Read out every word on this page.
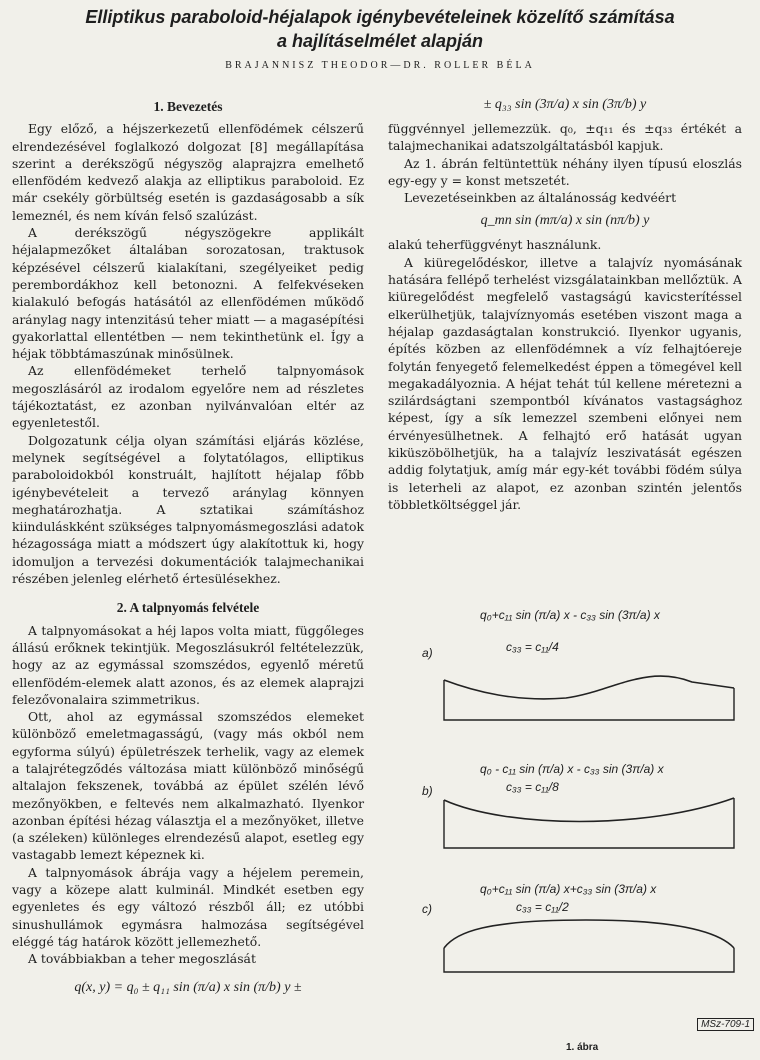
Elliptikus paraboloid-héjalapok igénybevételeinek közelítő számítása
a hajlításelmélet alapján
BRAJANNISZ THEODOR—DR. ROLLER BÉLA
1. Bevezetés

Egy előző, a héjszerkezetű ellenfödémek célszerű elrendezésével foglalkozó dolgozat [8] megállapítása szerint a derékszögű négyszög alaprajzra emelhető ellenfödém kedvező alakja az elliptikus paraboloid. Ez már csekély görbültség esetén is gazdaságosabb a sík lemeznél, és nem kíván felső szalúzást.

A derékszögű négyszögekre applikált héjalapmezőket általában sorozatosan, traktusok képzésével célszerű kialakítani, szegélyeiket pedig perembordákhoz kell betonozni. A felfekvéseken kialakuló befogás hatásától az ellenfödémen működő aránylag nagy intenzitású teher miatt — a magasépítési gyakorlattal ellentétben — nem tekinthetünk el. Így a héjak többtámaszúnak minősülnek.

Az ellenfödémeket terhelő talpnyomások megoszlásáról az irodalom egyelőre nem ad részletes tájékoztatást, ez azonban nyilvánvalóan eltér az egyenletestől.

Dolgozatunk célja olyan számítási eljárás közlése, melynek segítségével a folytatólagos, elliptikus paraboloidokból konstruált, hajlított héjalap főbb igénybevételeit a tervező aránylag könnyen meghatározhatja. A sztatikai számításhoz kiinduláskként szükséges talpnyomásmegoszlási adatok hézagossága miatt a módszert úgy alakítottuk ki, hogy idomuljon a tervezési dokumentációk talajmechanikai részében jelenleg elérhető értesülésekhez.

2. A talpnyomás felvétele

A talpnyomásokat a héj lapos volta miatt, függőleges állású erőknek tekintjük. Megoszlásukról feltételezzük, hogy az az egymással szomszédos, egyenlő méretű ellenfödém-elemek alatt azonos, és az elemek alaprajzi felezővonalaira szimmetrikus.

Ott, ahol az egymással szomszédos elemeket különböző emeletmagasságú, (vagy más okból nem egyforma súlyú) épületrészek terhelik, vagy az elemek a talajrétegződés változása miatt különböző minőségű altalajon fekszenek, továbbá az épület szélén lévő mezőnyökben, e feltevés nem alkalmazható. Ilyenkor azonban építési hézag választja el a mezőnyöket, illetve (a széleken) különleges elrendezésű alapot, esetleg egy vastagabb lemezt képeznek ki.

A talpnyomások ábrája vagy a héjelem peremein, vagy a közepe alatt kulminál. Mindkét esetben egy egyenletes és egy változó részből áll; ez utóbbi sinushullámok egymásra halmozása segítségével eléggé tág határok között jellemezhető.

A továbbiakban a teher megoszlását

q(x, y) = q₀ ± q₁₁ sin (π/a) x sin (π/b) y ±
± q₃₃ sin (3π/a) x sin (3π/b) y

függvénnyel jellemezzük. q₀, ±q₁₁ és ±q₃₃ értékét a talajmechanikai adatszolgáltatásból kapjuk.

Az 1. ábrán feltüntettük néhány ilyen típusú eloszlás egy-egy y = konst metszetét.

Levezetéseinkben az általánosság kedvéért

q_mn sin (mπ/a) x sin (nπ/b) y

alakú teherfüggvényt használunk.

A kiüregelődéskor, illetve a talajvíz nyomásának hatására fellépő terhelést vizsgálatainkban mellőztük. A kiüregelődést megfelelő vastagságú kavicsterítéssel elkerülhetjük, talajvíznyomás esetében viszont maga a héjalap gazdaságtalan konstrukció. Ilyenkor ugyanis, építés közben az ellenfödémnek a víz felhajtóereje folytán fenyegető felemelkedést éppen a tömegével kell megakadályoznia. A héjat tehát túl kellene méretezni a szilárdságtani szempontból kívánatos vastagsághoz képest, így a sík lemezzel szembeni előnyei nem érvényesülhetnek. A felhajtó erő hatását ugyan kiküszöbölhetjük, ha a talajvíz leszivatását egészen addig folytatjuk, amíg már egy-két további födém súlya is leterheli az alapot, ez azonban szintén jelentős többletköltséggel jár.

q₀+c₁₁ sin (π/a) x - c₃₃ sin (3π/a) x
a)	c₃₃ = c₁₁/4
q₀ - c₁₁ sin (π/a) x - c₃₃ sin (3π/a) x
b)	c₃₃ = c₁₁/8
q₀+c₁₁ sin (π/a) x+c₃₃ sin (3π/a) x
c)	c₃₃ = c₁₁/2
MSz-709-1
1. ábra
